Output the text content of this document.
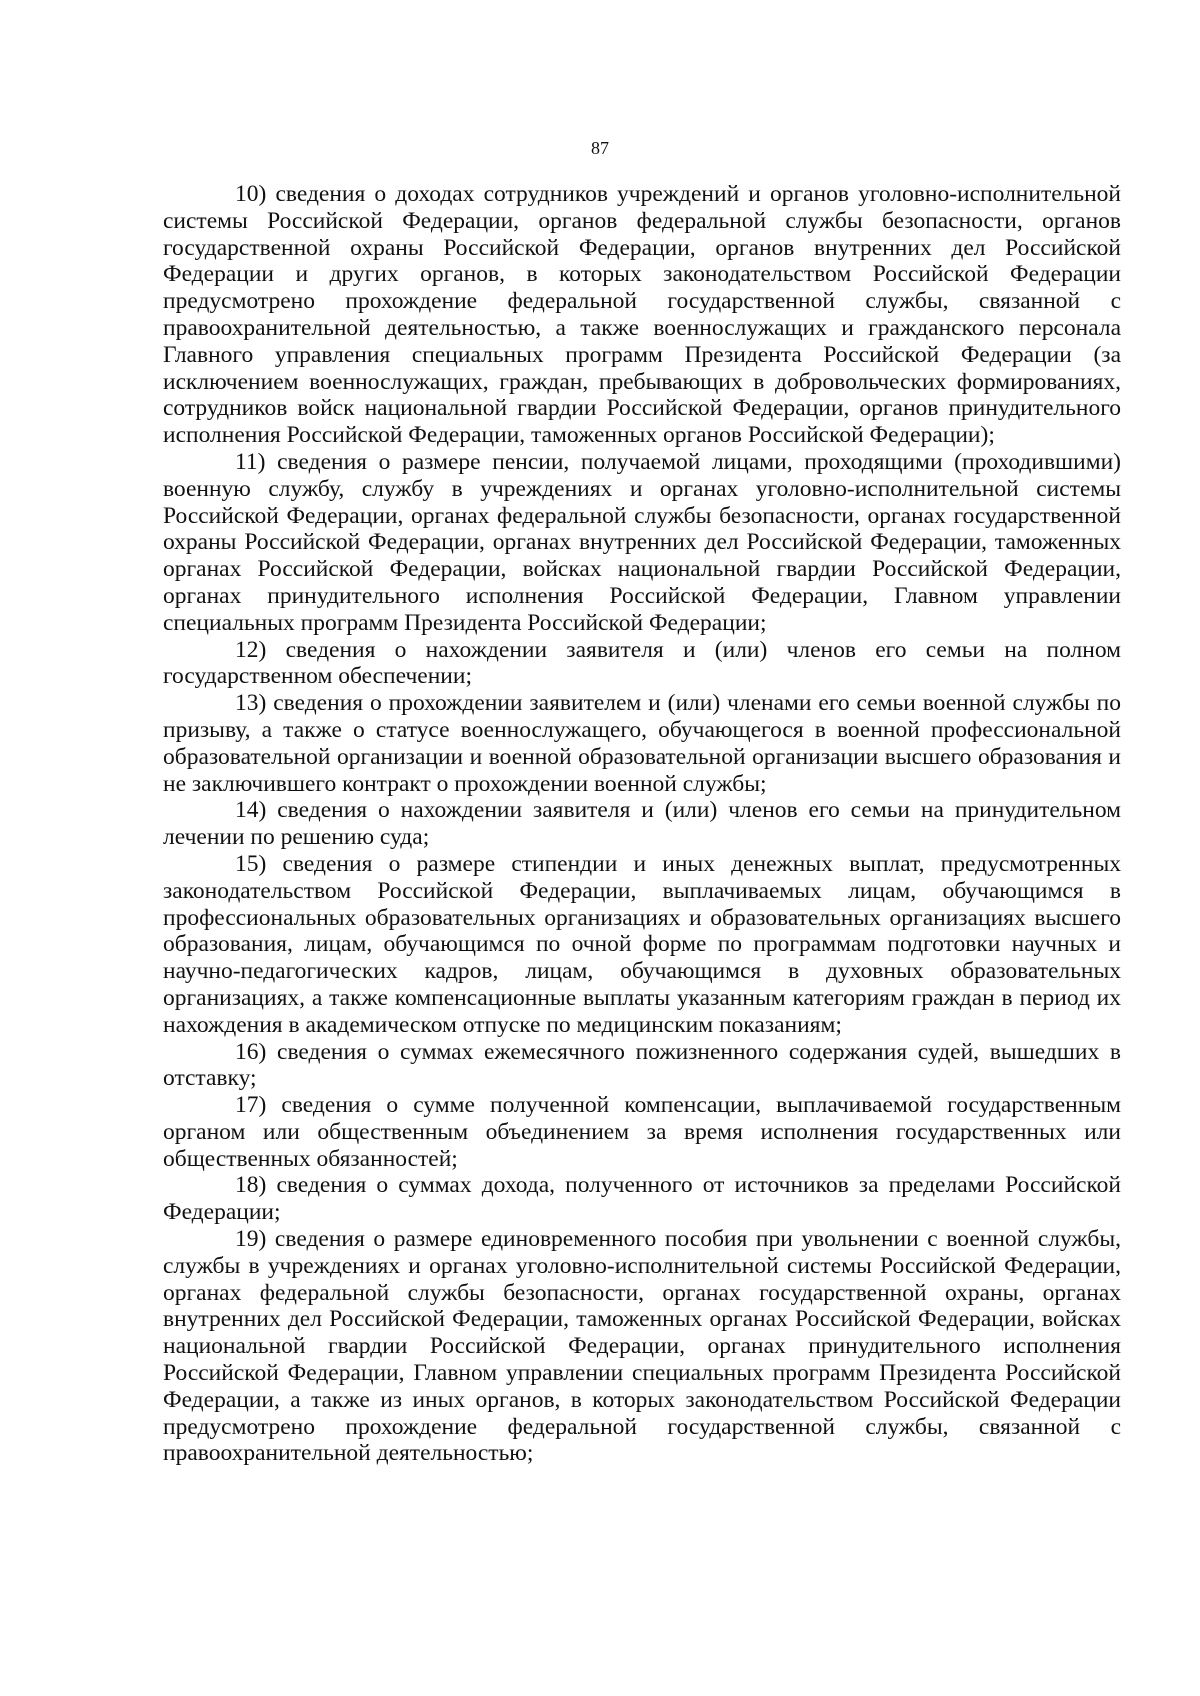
87

10) сведения о доходах сотрудников учреждений и органов уголовно-исполнительной системы Российской Федерации, органов федеральной службы безопасности, органов государственной охраны Российской Федерации, органов внутренних дел Российской Федерации и других органов, в которых законодательством Российской Федерации предусмотрено прохождение федеральной государственной службы, связанной с правоохранительной деятельностью, а также военнослужащих и гражданского персонала Главного управления специальных программ Президента Российской Федерации (за исключением военнослужащих, граждан, пребывающих в добровольческих формированиях, сотрудников войск национальной гвардии Российской Федерации, органов принудительного исполнения Российской Федерации, таможенных органов Российской Федерации);

11) сведения о размере пенсии, получаемой лицами, проходящими (проходившими) военную службу, службу в учреждениях и органах уголовно-исполнительной системы Российской Федерации, органах федеральной службы безопасности, органах государственной охраны Российской Федерации, органах внутренних дел Российской Федерации, таможенных органах Российской Федерации, войсках национальной гвардии Российской Федерации, органах принудительного исполнения Российской Федерации, Главном управлении специальных программ Президента Российской Федерации;

12) сведения о нахождении заявителя и (или) членов его семьи на полном государственном обеспечении;

13) сведения о прохождении заявителем и (или) членами его семьи военной службы по призыву, а также о статусе военнослужащего, обучающегося в военной профессиональной образовательной организации и военной образовательной организации высшего образования и не заключившего контракт о прохождении военной службы;

14) сведения о нахождении заявителя и (или) членов его семьи на принудительном лечении по решению суда;

15) сведения о размере стипендии и иных денежных выплат, предусмотренных законодательством Российской Федерации, выплачиваемых лицам, обучающимся в профессиональных образовательных организациях и образовательных организациях высшего образования, лицам, обучающимся по очной форме по программам подготовки научных и научно-педагогических кадров, лицам, обучающимся в духовных образовательных организациях, а также компенсационные выплаты указанным категориям граждан в период их нахождения в академическом отпуске по медицинским показаниям;

16) сведения о суммах ежемесячного пожизненного содержания судей, вышедших в отставку;

17) сведения о сумме полученной компенсации, выплачиваемой государственным органом или общественным объединением за время исполнения государственных или общественных обязанностей;

18) сведения о суммах дохода, полученного от источников за пределами Российской Федерации;

19) сведения о размере единовременного пособия при увольнении с военной службы, службы в учреждениях и органах уголовно-исполнительной системы Российской Федерации, органах федеральной службы безопасности, органах государственной охраны, органах внутренних дел Российской Федерации, таможенных органах Российской Федерации, войсках национальной гвардии Российской Федерации, органах принудительного исполнения Российской Федерации, Главном управлении специальных программ Президента Российской Федерации, а также из иных органов, в которых законодательством Российской Федерации предусмотрено прохождение федеральной государственной службы, связанной с правоохранительной деятельностью;
